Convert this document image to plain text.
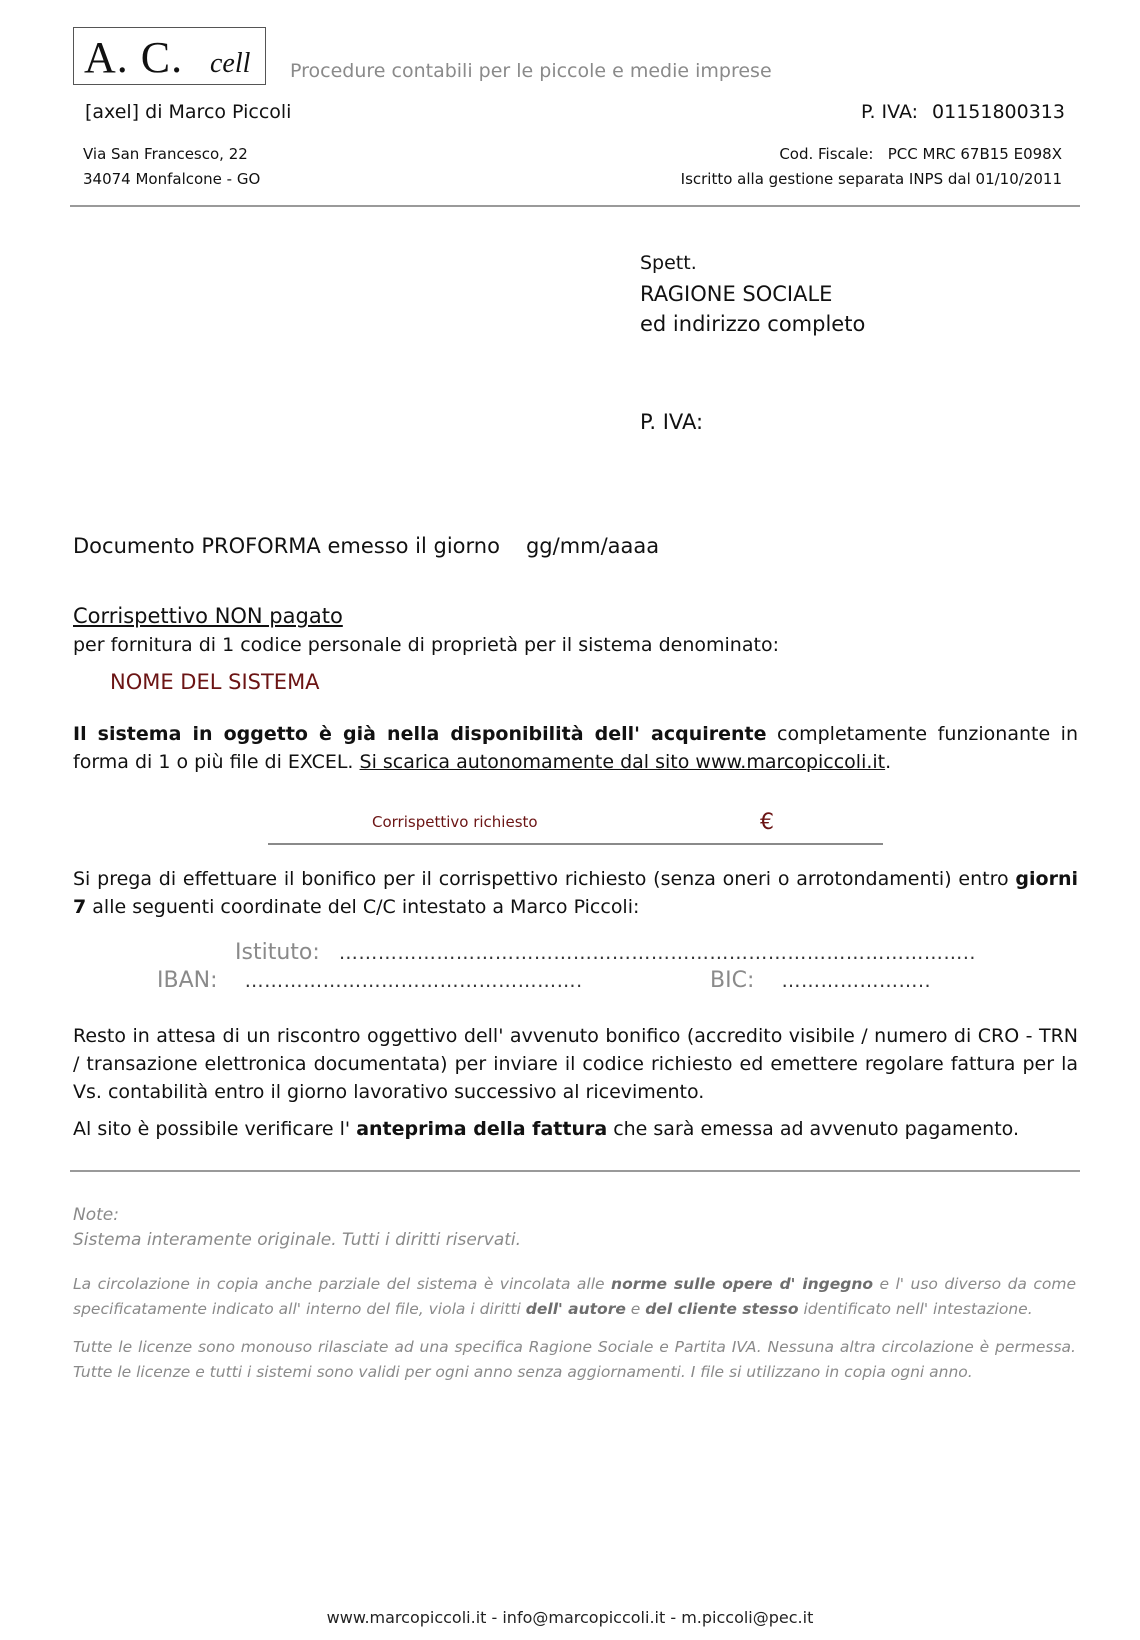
A. C. cell Procedure contabili per le piccole e medie imprese
[axel] di Marco Piccoli	P. IVA: 01151800313
Via San Francesco, 22
34074 Monfalcone - GO
Cod. Fiscale: PCC MRC 67B15 E098X
Iscritto alla gestione separata INPS dal 01/10/2011
Spett.
RAGIONE SOCIALE
ed indirizzo completo
P. IVA:
Documento PROFORMA emesso il giorno gg/mm/aaaa
Corrispettivo NON pagato
per fornitura di 1 codice personale di proprietà per il sistema denominato:
NOME DEL SISTEMA
Il sistema in oggetto è già nella disponibilità dell' acquirente completamente funzionante in forma di 1 o più file di EXCEL. Si scarica autonomamente dal sito www.marcopiccoli.it.
Corrispettivo richiesto	€
Si prega di effettuare il bonifico per il corrispettivo richiesto (senza oneri o arrotondamenti) entro giorni 7 alle seguenti coordinate del C/C intestato a Marco Piccoli:
Istituto: ……………………………………………………………………………………..
IBAN: …………………………………………….	BIC: …………………..
Resto in attesa di un riscontro oggettivo dell' avvenuto bonifico (accredito visibile / numero di CRO - TRN / transazione elettronica documentata) per inviare il codice richiesto ed emettere regolare fattura per la Vs. contabilità entro il giorno lavorativo successivo al ricevimento.
Al sito è possibile verificare l' anteprima della fattura che sarà emessa ad avvenuto pagamento.
Note:
Sistema interamente originale. Tutti i diritti riservati.
La circolazione in copia anche parziale del sistema è vincolata alle norme sulle opere d' ingegno e l' uso diverso da come specificatamente indicato all' interno del file, viola i diritti dell' autore e del cliente stesso identificato nell' intestazione.
Tutte le licenze sono monouso rilasciate ad una specifica Ragione Sociale e Partita IVA. Nessuna altra circolazione è permessa. Tutte le licenze e tutti i sistemi sono validi per ogni anno senza aggiornamenti. I file si utilizzano in copia ogni anno.
www.marcopiccoli.it - info@marcopiccoli.it - m.piccoli@pec.it
